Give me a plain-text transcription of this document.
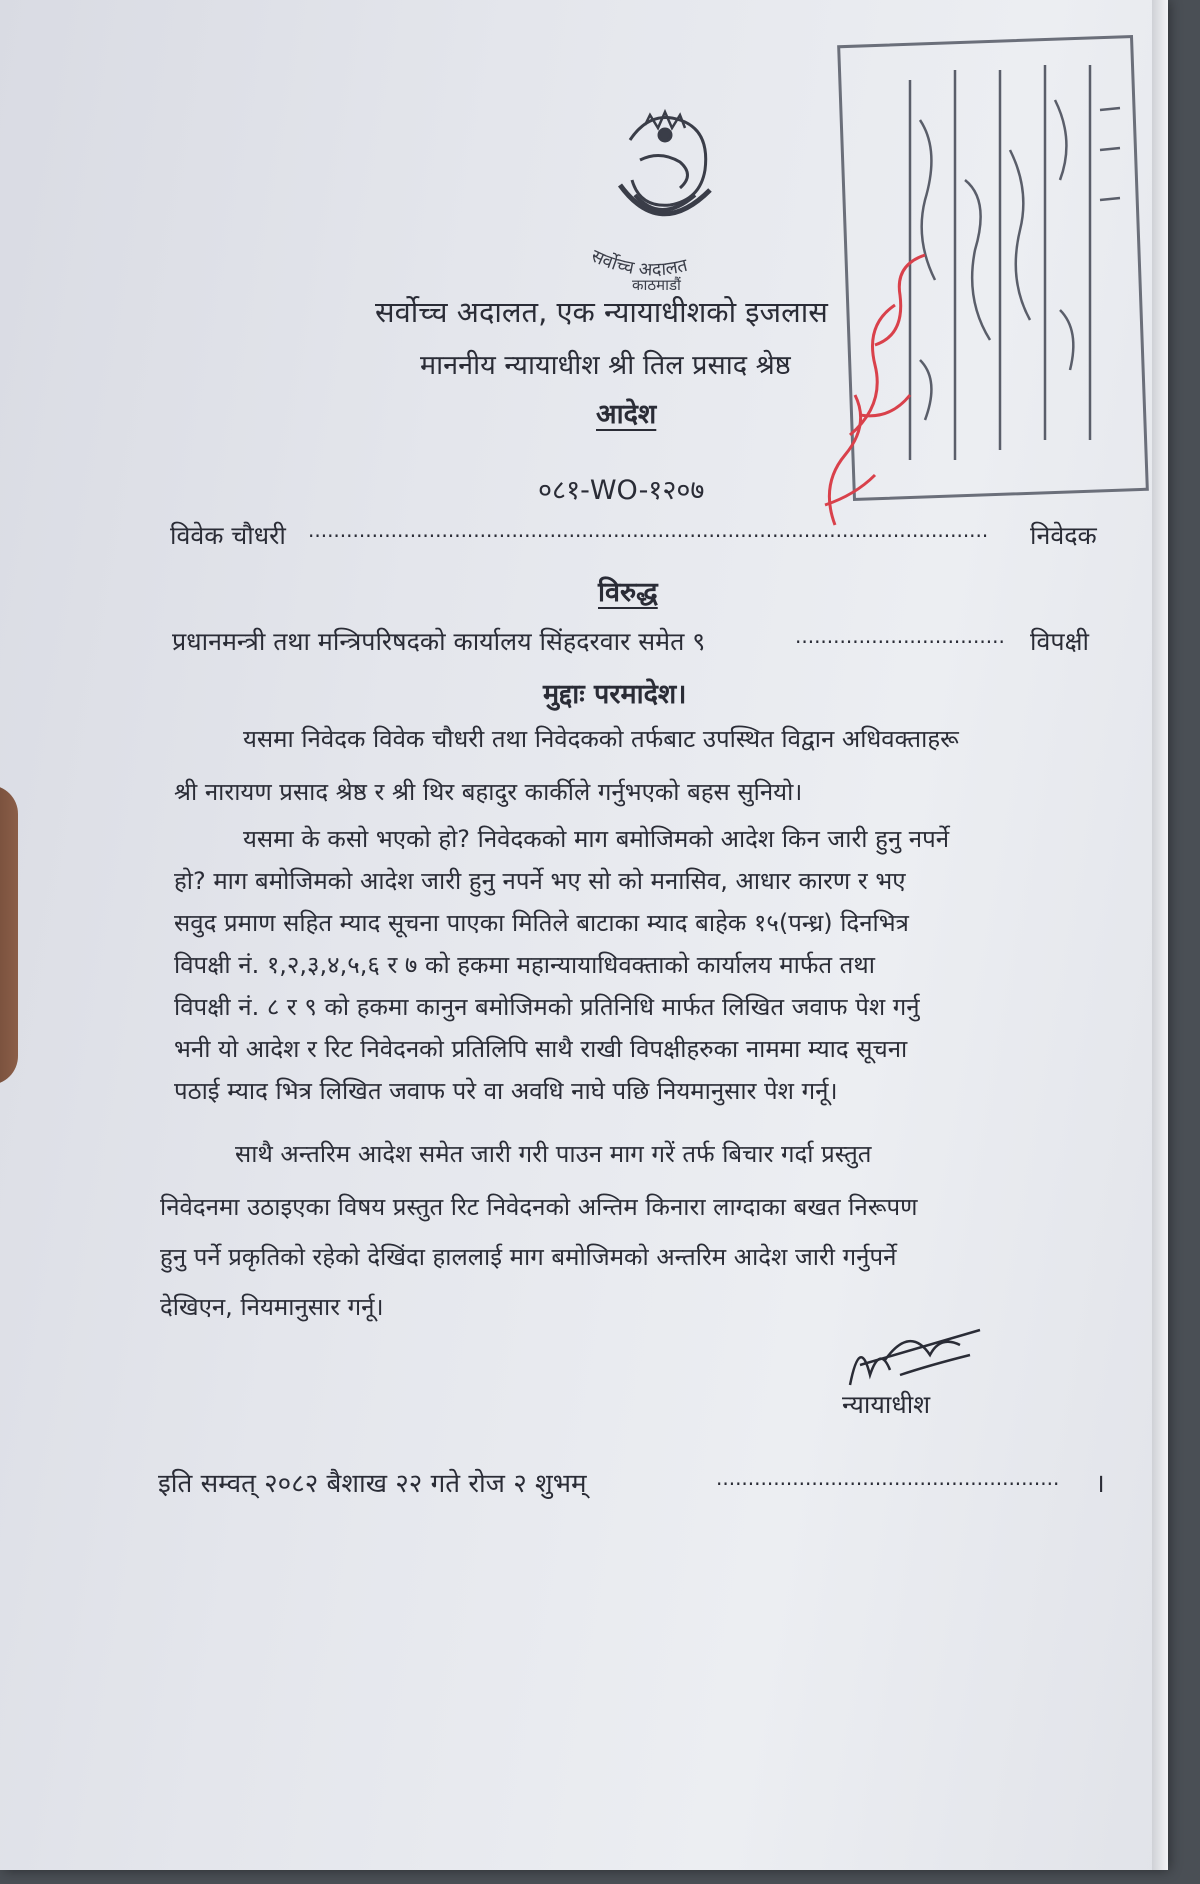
सर्वोच्च अदालत
काठमाडौं
सर्वोच्च अदालत, एक न्यायाधीशको इजलास
माननीय न्यायाधीश श्री तिल प्रसाद श्रेष्ठ
आदेश
०८१-WO-१२०७
विवेक चौधरी ...........................................................................................................	निवेदक
विरुद्ध
प्रधानमन्त्री तथा मन्त्रिपरिषदको कार्यालय सिंहदरवार समेत ९	.................................	विपक्षी
मुद्दाः परमादेश।
यसमा निवेदक विवेक चौधरी तथा निवेदकको तर्फबाट उपस्थित विद्वान अधिवक्ताहरू
श्री नारायण प्रसाद श्रेष्ठ र श्री थिर बहादुर कार्कीले गर्नुभएको बहस सुनियो।
यसमा के कसो भएको हो? निवेदकको माग बमोजिमको आदेश किन जारी हुनु नपर्ने
हो? माग बमोजिमको आदेश जारी हुनु नपर्ने भए सो को मनासिव, आधार कारण र भए
सवुद प्रमाण सहित म्याद सूचना पाएका मितिले बाटाका म्याद बाहेक १५(पन्ध्र) दिनभित्र
विपक्षी नं. १,२,३,४,५,६ र ७ को हकमा महान्यायाधिवक्ताको कार्यालय मार्फत तथा
विपक्षी नं. ८ र ९ को हकमा कानुन बमोजिमको प्रतिनिधि मार्फत लिखित जवाफ पेश गर्नु
भनी यो आदेश र रिट निवेदनको प्रतिलिपि साथै राखी विपक्षीहरुका नाममा म्याद सूचना
पठाई म्याद भित्र लिखित जवाफ परे वा अवधि नाघे पछि नियमानुसार पेश गर्नू।
साथै अन्तरिम आदेश समेत जारी गरी पाउन माग गरें तर्फ बिचार गर्दा प्रस्तुत
निवेदनमा उठाइएका विषय प्रस्तुत रिट निवेदनको अन्तिम किनारा लाग्दाका बखत निरूपण
हुनु पर्ने प्रकृतिको रहेको देखिंदा हाललाई माग बमोजिमको अन्तरिम आदेश जारी गर्नुपर्ने
देखिएन, नियमानुसार गर्नू।
न्यायाधीश
इति सम्वत् २०८२ बैशाख २२ गते रोज २ शुभम्	......................................................	।
